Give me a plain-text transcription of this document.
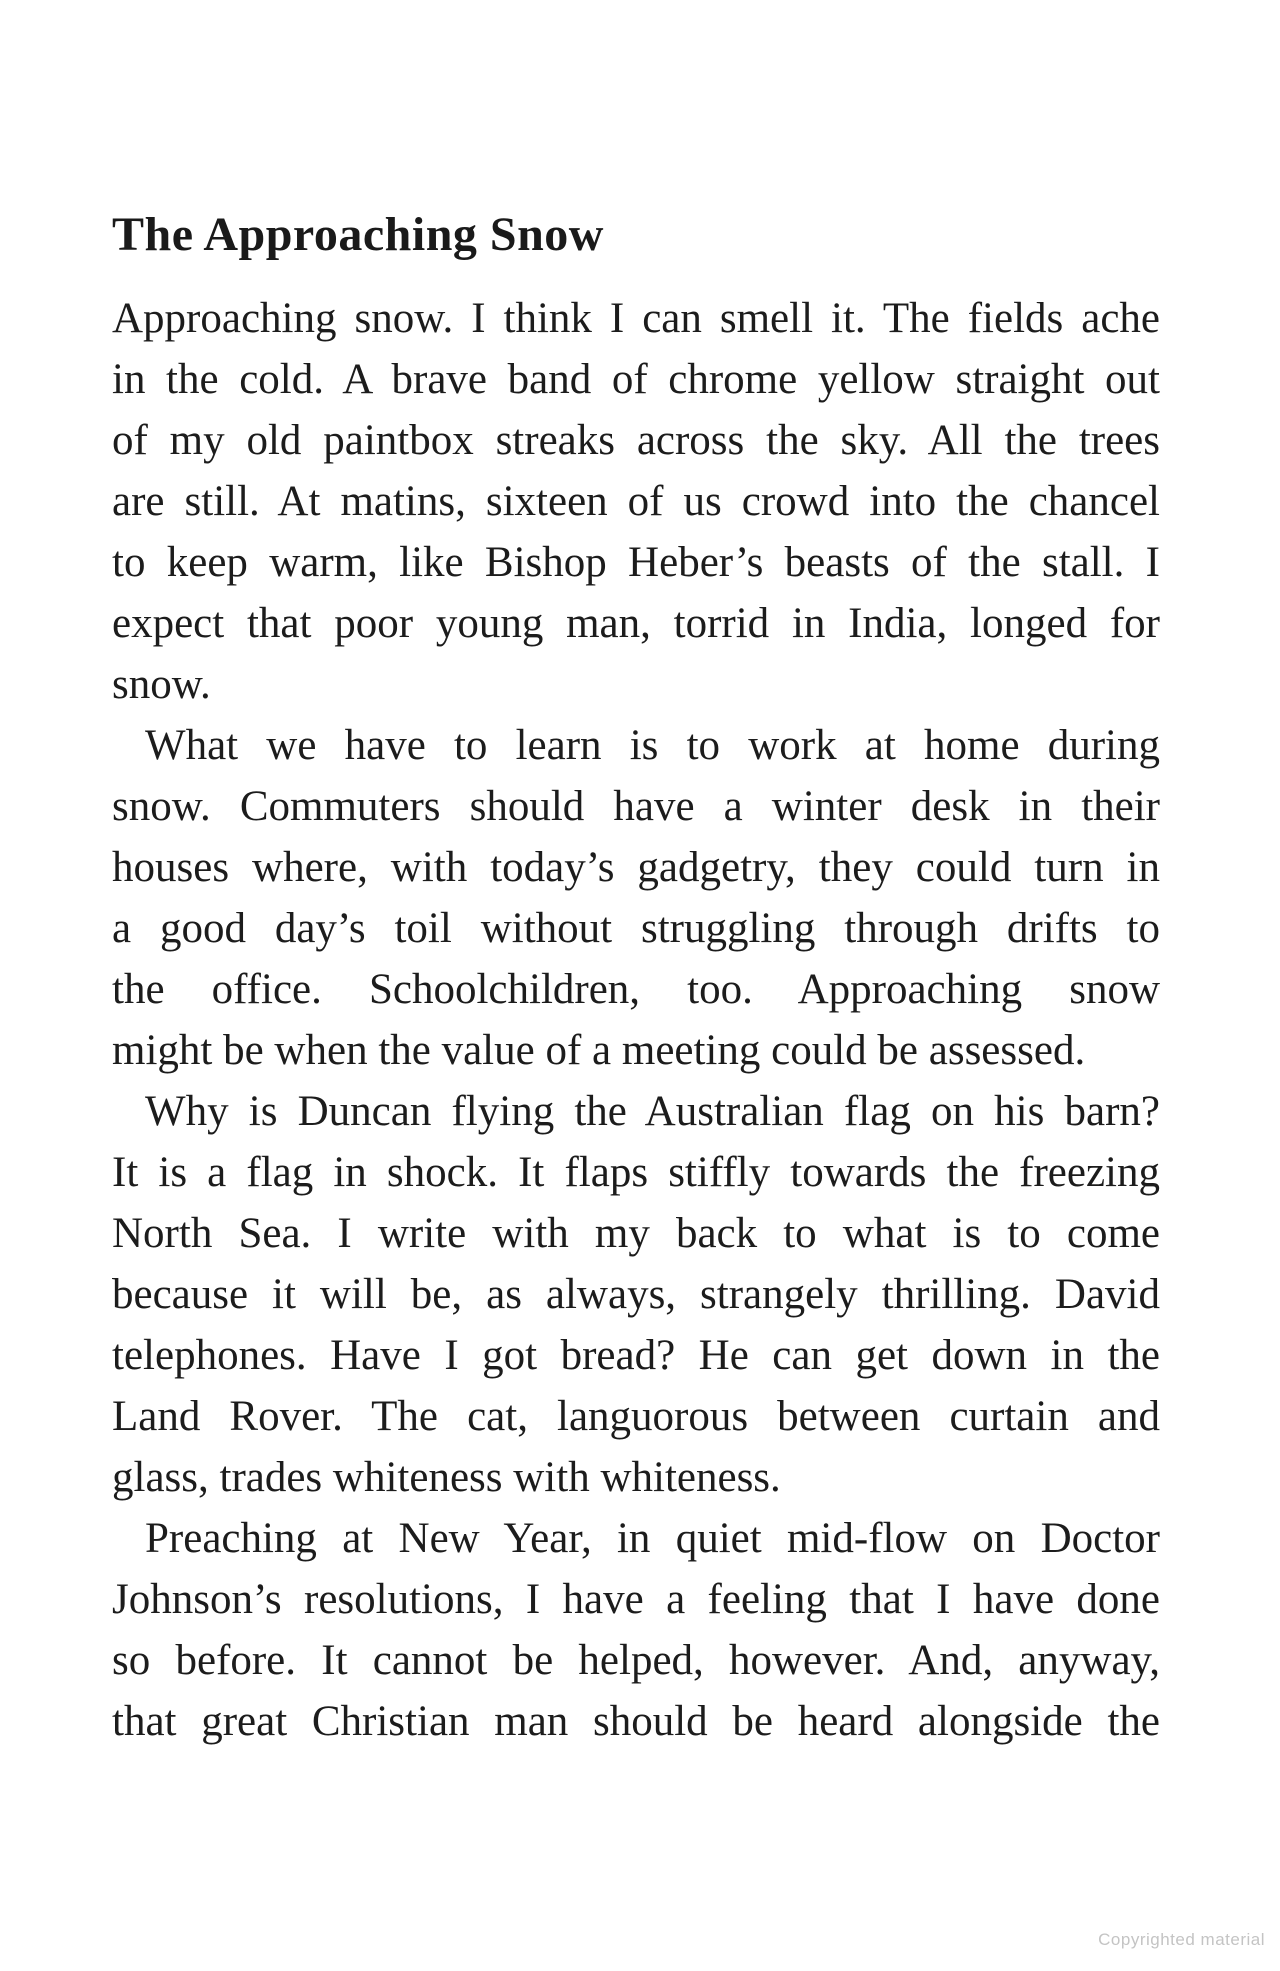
The Approaching Snow
Approaching snow. I think I can smell it. The fields ache
in the cold. A brave band of chrome yellow straight out
of my old paintbox streaks across the sky. All the trees
are still. At matins, sixteen of us crowd into the chancel
to keep warm, like Bishop Heber’s beasts of the stall. I
expect that poor young man, torrid in India, longed for
snow.
What we have to learn is to work at home during
snow. Commuters should have a winter desk in their
houses where, with today’s gadgetry, they could turn in
a good day’s toil without struggling through drifts to
the office. Schoolchildren, too. Approaching snow
might be when the value of a meeting could be assessed.
Why is Duncan flying the Australian flag on his barn?
It is a flag in shock. It flaps stiffly towards the freezing
North Sea. I write with my back to what is to come
because it will be, as always, strangely thrilling. David
telephones. Have I got bread? He can get down in the
Land Rover. The cat, languorous between curtain and
glass, trades whiteness with whiteness.
Preaching at New Year, in quiet mid-flow on Doctor
Johnson’s resolutions, I have a feeling that I have done
so before. It cannot be helped, however. And, anyway,
that great Christian man should be heard alongside the
Copyrighted material
